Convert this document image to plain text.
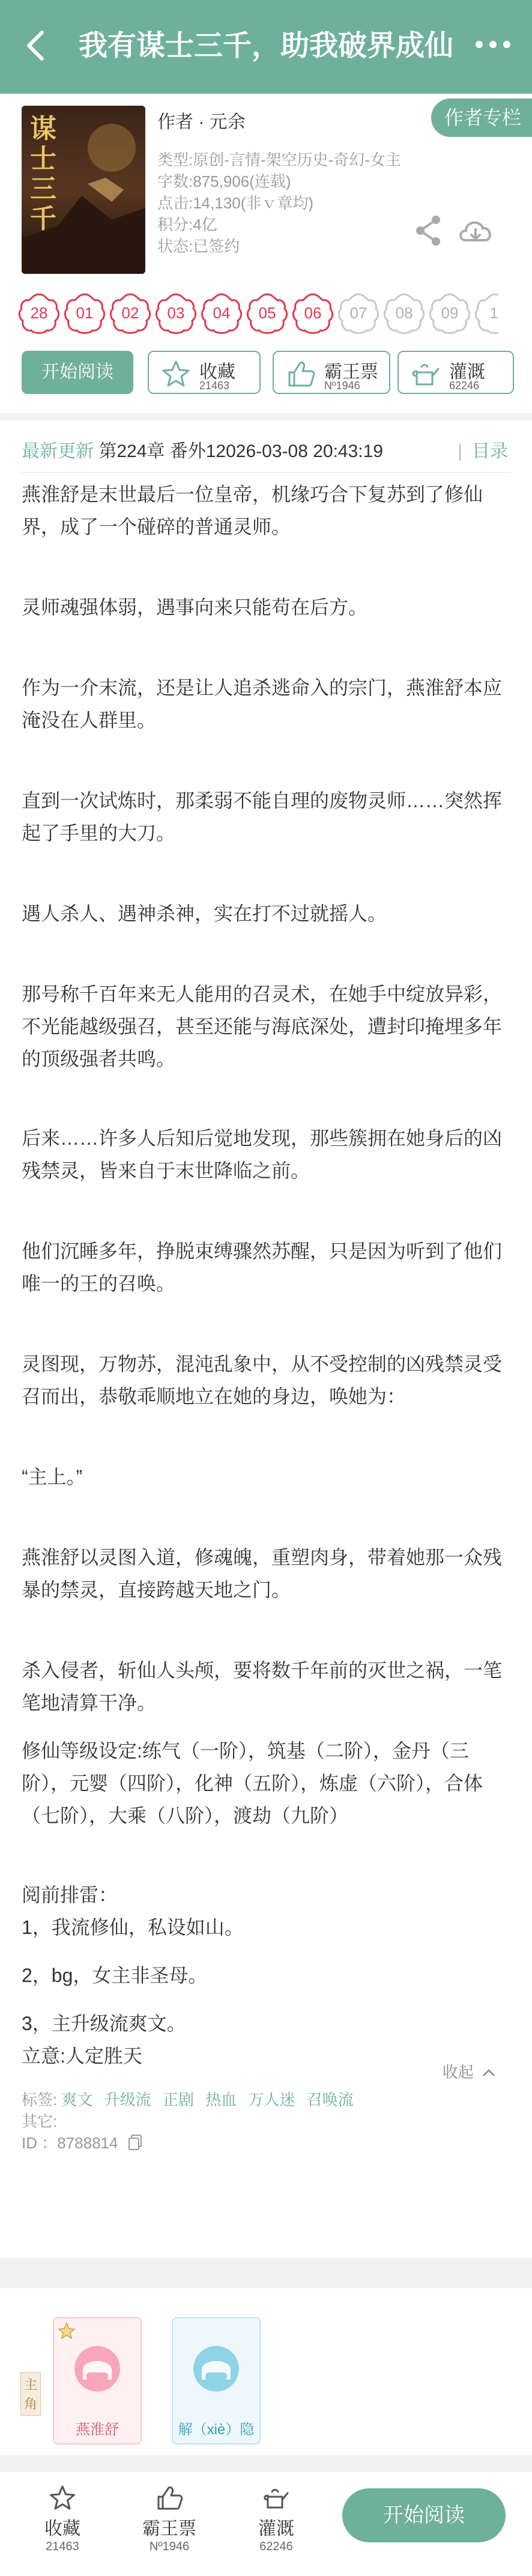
我有谋士三千，助我破界成仙
谋士三千
作者 · 元余	作者专栏
类型:原创-言情-架空历史-奇幻-女主
字数:875,906(连载)
点击:14,130(非ｖ章均)
积分:4亿
状态:已签约
28	01	02	03	04	05	06	07	08	09	1
开始阅读	收藏
21463
霸王票
Nº1946
灌溉
62246
最新更新 第224章 番外12026-03-08 20:43:19	| 目录
燕淮舒是末世最后一位皇帝，机缘巧合下复苏到了修仙界，成了一个碰碎的普通灵师。
灵师魂强体弱，遇事向来只能苟在后方。
作为一介末流，还是让人追杀逃命入的宗门，燕淮舒本应淹没在人群里。
直到一次试炼时，那柔弱不能自理的废物灵师……突然挥起了手里的大刀。
遇人杀人、遇神杀神，实在打不过就摇人。
那号称千百年来无人能用的召灵术，在她手中绽放异彩，不光能越级强召，甚至还能与海底深处，遭封印掩埋多年的顶级强者共鸣。
后来……许多人后知后觉地发现，那些簇拥在她身后的凶残禁灵，皆来自于末世降临之前。
他们沉睡多年，挣脱束缚骤然苏醒，只是因为听到了他们唯一的王的召唤。
灵图现，万物苏，混沌乱象中，从不受控制的凶残禁灵受召而出，恭敬乖顺地立在她的身边，唤她为：
“主上。”
燕淮舒以灵图入道，修魂魄，重塑肉身，带着她那一众残暴的禁灵，直接跨越天地之门。
杀入侵者，斩仙人头颅，要将数千年前的灭世之祸，一笔笔地清算干净。
修仙等级设定:练气（一阶），筑基（二阶），金丹（三阶），元婴（四阶），化神（五阶），炼虚（六阶），合体（七阶），大乘（八阶），渡劫（九阶）
阅前排雷：
1，我流修仙，私设如山。
2，bg，女主非圣母。
3，主升级流爽文。
立意:人定胜天
收起
标签: 爽文 升级流 正剧 热血 万人迷 召唤流
其它:
ID ：8788814
主角
燕淮舒	解（xiè）隐
收藏
21463
霸王票
Nº1946
灌溉
62246
开始阅读
